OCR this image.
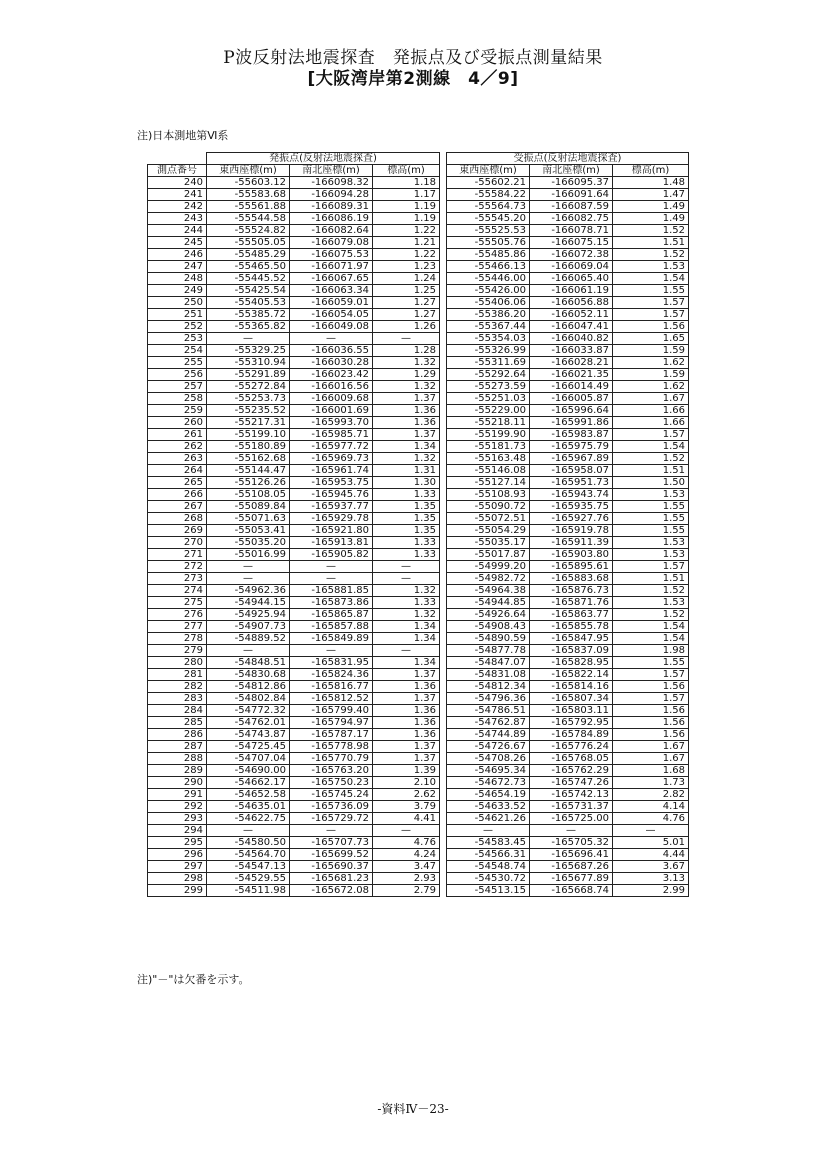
P波反射法地震探査　発振点及び受振点測量結果
[大阪湾岸第2測線　4／9]
注)日本測地第Ⅵ系
	発振点(反射法地震探査)				受振点(反射法地震探査)		
測点番号	東西座標(m)	南北座標(m)	標高(m)		東西座標(m)	南北座標(m)	標高(m)
240	-55603.12	-166098.32	1.18		-55602.21	-166095.37	1.48
241	-55583.68	-166094.28	1.17		-55584.22	-166091.64	1.47
242	-55561.88	-166089.31	1.19		-55564.73	-166087.59	1.49
243	-55544.58	-166086.19	1.19		-55545.20	-166082.75	1.49
244	-55524.82	-166082.64	1.22		-55525.53	-166078.71	1.52
245	-55505.05	-166079.08	1.21		-55505.76	-166075.15	1.51
246	-55485.29	-166075.53	1.22		-55485.86	-166072.38	1.52
247	-55465.50	-166071.97	1.23		-55466.13	-166069.04	1.53
248	-55445.52	-166067.65	1.24		-55446.00	-166065.40	1.54
249	-55425.54	-166063.34	1.25		-55426.00	-166061.19	1.55
250	-55405.53	-166059.01	1.27		-55406.06	-166056.88	1.57
251	-55385.72	-166054.05	1.27		-55386.20	-166052.11	1.57
252	-55365.82	-166049.08	1.26		-55367.44	-166047.41	1.56
253	—	—	—		-55354.03	-166040.82	1.65
254	-55329.25	-166036.55	1.28		-55326.99	-166033.87	1.59
255	-55310.94	-166030.28	1.32		-55311.69	-166028.21	1.62
256	-55291.89	-166023.42	1.29		-55292.64	-166021.35	1.59
257	-55272.84	-166016.56	1.32		-55273.59	-166014.49	1.62
258	-55253.73	-166009.68	1.37		-55251.03	-166005.87	1.67
259	-55235.52	-166001.69	1.36		-55229.00	-165996.64	1.66
260	-55217.31	-165993.70	1.36		-55218.11	-165991.86	1.66
261	-55199.10	-165985.71	1.37		-55199.90	-165983.87	1.57
262	-55180.89	-165977.72	1.34		-55181.73	-165975.79	1.54
263	-55162.68	-165969.73	1.32		-55163.48	-165967.89	1.52
264	-55144.47	-165961.74	1.31		-55146.08	-165958.07	1.51
265	-55126.26	-165953.75	1.30		-55127.14	-165951.73	1.50
266	-55108.05	-165945.76	1.33		-55108.93	-165943.74	1.53
267	-55089.84	-165937.77	1.35		-55090.72	-165935.75	1.55
268	-55071.63	-165929.78	1.35		-55072.51	-165927.76	1.55
269	-55053.41	-165921.80	1.35		-55054.29	-165919.78	1.55
270	-55035.20	-165913.81	1.33		-55035.17	-165911.39	1.53
271	-55016.99	-165905.82	1.33		-55017.87	-165903.80	1.53
272	—	—	—		-54999.20	-165895.61	1.57
273	—	—	—		-54982.72	-165883.68	1.51
274	-54962.36	-165881.85	1.32		-54964.38	-165876.73	1.52
275	-54944.15	-165873.86	1.33		-54944.85	-165871.76	1.53
276	-54925.94	-165865.87	1.32		-54926.64	-165863.77	1.52
277	-54907.73	-165857.88	1.34		-54908.43	-165855.78	1.54
278	-54889.52	-165849.89	1.34		-54890.59	-165847.95	1.54
279	—	—	—		-54877.78	-165837.09	1.98
280	-54848.51	-165831.95	1.34		-54847.07	-165828.95	1.55
281	-54830.68	-165824.36	1.37		-54831.08	-165822.14	1.57
282	-54812.86	-165816.77	1.36		-54812.34	-165814.16	1.56
283	-54802.84	-165812.52	1.37		-54796.36	-165807.34	1.57
284	-54772.32	-165799.40	1.36		-54786.51	-165803.11	1.56
285	-54762.01	-165794.97	1.36		-54762.87	-165792.95	1.56
286	-54743.87	-165787.17	1.36		-54744.89	-165784.89	1.56
287	-54725.45	-165778.98	1.37		-54726.67	-165776.24	1.67
288	-54707.04	-165770.79	1.37		-54708.26	-165768.05	1.67
289	-54690.00	-165763.20	1.39		-54695.34	-165762.29	1.68
290	-54662.17	-165750.23	2.10		-54672.73	-165747.26	1.73
291	-54652.58	-165745.24	2.62		-54654.19	-165742.13	2.82
292	-54635.01	-165736.09	3.79		-54633.52	-165731.37	4.14
293	-54622.75	-165729.72	4.41		-54621.26	-165725.00	4.76
294	—	—	—		—	—	—
295	-54580.50	-165707.73	4.76		-54583.45	-165705.32	5.01
296	-54564.70	-165699.52	4.24		-54566.31	-165696.41	4.44
297	-54547.13	-165690.37	3.47		-54548.74	-165687.26	3.67
298	-54529.55	-165681.23	2.93		-54530.72	-165677.89	3.13
299	-54511.98	-165672.08	2.79		-54513.15	-165668.74	2.99
注)"－"は欠番を示す。
-資料Ⅳ－23-
